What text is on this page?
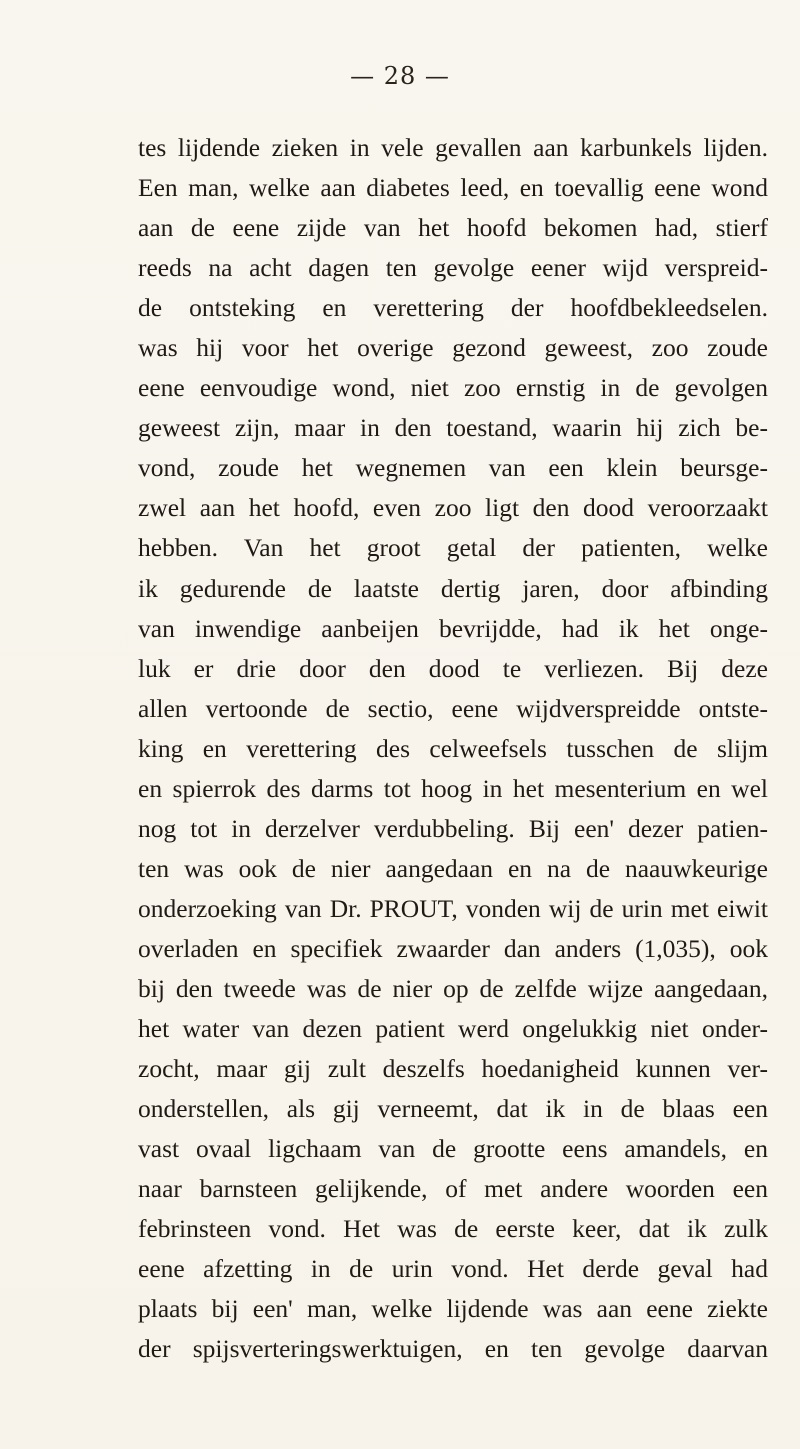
— 28 —
tes lijdende zieken in vele gevallen aan karbunkels lijden.
Een man, welke aan diabetes leed, en toevallig eene wond
aan de eene zijde van het hoofd bekomen had, stierf
reeds na acht dagen ten gevolge eener wijd verspreid-
de ontsteking en verettering der hoofdbekleedselen.
was hij voor het overige gezond geweest, zoo zoude
eene eenvoudige wond, niet zoo ernstig in de gevolgen
geweest zijn, maar in den toestand, waarin hij zich be-
vond, zoude het wegnemen van een klein beursge-
zwel aan het hoofd, even zoo ligt den dood veroorzaakt
hebben. Van het groot getal der patienten, welke
ik gedurende de laatste dertig jaren, door afbinding
van inwendige aanbeijen bevrijdde, had ik het onge-
luk er drie door den dood te verliezen. Bij deze
allen vertoonde de sectio, eene wijdverspreidde ontste-
king en verettering des celweefsels tusschen de slijm
en spierrok des darms tot hoog in het mesenterium en wel
nog tot in derzelver verdubbeling. Bij een' dezer patien-
ten was ook de nier aangedaan en na de naauwkeurige
onderzoeking van Dr. PROUT, vonden wij de urin met eiwit
overladen en specifiek zwaarder dan anders (1,035), ook
bij den tweede was de nier op de zelfde wijze aangedaan,
het water van dezen patient werd ongelukkig niet onder-
zocht, maar gij zult deszelfs hoedanigheid kunnen ver-
onderstellen, als gij verneemt, dat ik in de blaas een
vast ovaal ligchaam van de grootte eens amandels, en
naar barnsteen gelijkende, of met andere woorden een
febrinsteen vond. Het was de eerste keer, dat ik zulk
eene afzetting in de urin vond. Het derde geval had
plaats bij een' man, welke lijdende was aan eene ziekte
der spijsverteringswerktuigen, en ten gevolge daarvan
